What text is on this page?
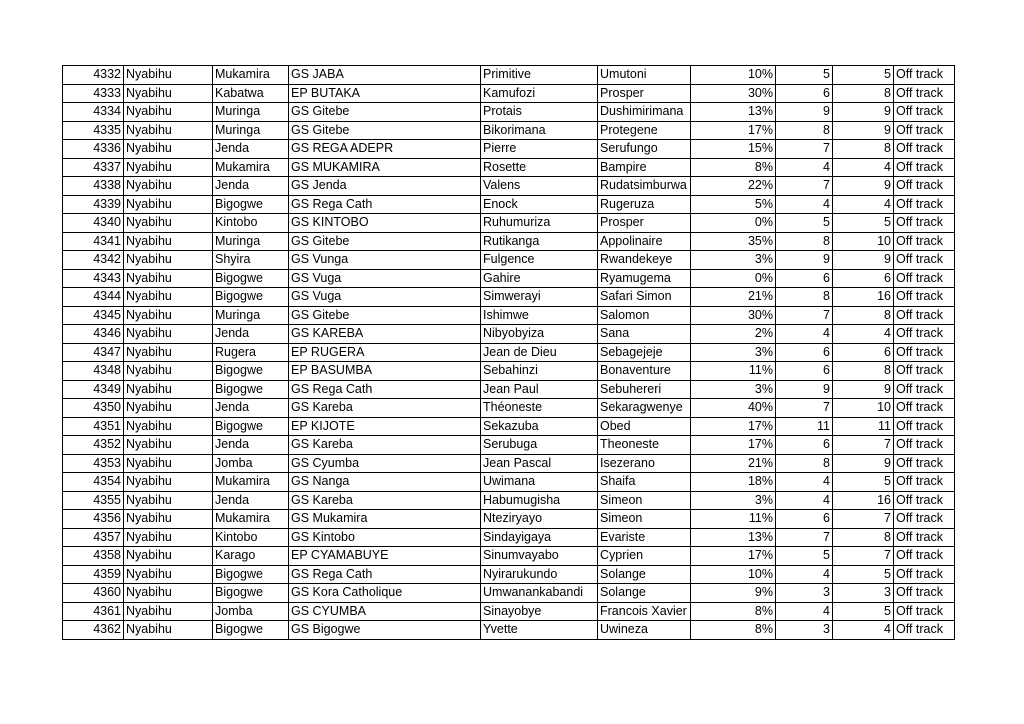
4332	Nyabihu	Mukamira	GS JABA	Primitive	Umutoni	10%	5	5	Off track
4333	Nyabihu	Kabatwa	EP BUTAKA	Kamufozi	Prosper	30%	6	8	Off track
4334	Nyabihu	Muringa	GS Gitebe	Protais	Dushimirimana	13%	9	9	Off track
4335	Nyabihu	Muringa	GS Gitebe	Bikorimana	Protegene	17%	8	9	Off track
4336	Nyabihu	Jenda	GS REGA ADEPR	Pierre	Serufungo	15%	7	8	Off track
4337	Nyabihu	Mukamira	GS MUKAMIRA	Rosette	Bampire	8%	4	4	Off track
4338	Nyabihu	Jenda	GS Jenda	Valens	Rudatsimburwa	22%	7	9	Off track
4339	Nyabihu	Bigogwe	GS Rega Cath	Enock	Rugeruza	5%	4	4	Off track
4340	Nyabihu	Kintobo	GS KINTOBO	Ruhumuriza	Prosper	0%	5	5	Off track
4341	Nyabihu	Muringa	GS Gitebe	Rutikanga	Appolinaire	35%	8	10	Off track
4342	Nyabihu	Shyira	GS Vunga	Fulgence	Rwandekeye	3%	9	9	Off track
4343	Nyabihu	Bigogwe	GS Vuga	Gahire	Ryamugema	0%	6	6	Off track
4344	Nyabihu	Bigogwe	GS Vuga	Simwerayi	Safari Simon	21%	8	16	Off track
4345	Nyabihu	Muringa	GS Gitebe	Ishimwe	Salomon	30%	7	8	Off track
4346	Nyabihu	Jenda	GS KAREBA	Nibyobyiza	Sana	2%	4	4	Off track
4347	Nyabihu	Rugera	EP RUGERA	Jean de Dieu	Sebagejeje	3%	6	6	Off track
4348	Nyabihu	Bigogwe	EP BASUMBA	Sebahinzi	Bonaventure	11%	6	8	Off track
4349	Nyabihu	Bigogwe	GS Rega Cath	Jean Paul	Sebuhereri	3%	9	9	Off track
4350	Nyabihu	Jenda	GS Kareba	Théoneste	Sekaragwenye	40%	7	10	Off track
4351	Nyabihu	Bigogwe	EP KIJOTE	Sekazuba	Obed	17%	11	11	Off track
4352	Nyabihu	Jenda	GS Kareba	Serubuga	Theoneste	17%	6	7	Off track
4353	Nyabihu	Jomba	GS Cyumba	Jean Pascal	Isezerano	21%	8	9	Off track
4354	Nyabihu	Mukamira	GS Nanga	Uwimana	Shaifa	18%	4	5	Off track
4355	Nyabihu	Jenda	GS Kareba	Habumugisha	Simeon	3%	4	16	Off track
4356	Nyabihu	Mukamira	GS Mukamira	Nteziryayo	Simeon	11%	6	7	Off track
4357	Nyabihu	Kintobo	GS Kintobo	Sindayigaya	Evariste	13%	7	8	Off track
4358	Nyabihu	Karago	EP CYAMABUYE	Sinumvayabo	Cyprien	17%	5	7	Off track
4359	Nyabihu	Bigogwe	GS Rega Cath	Nyirarukundo	Solange	10%	4	5	Off track
4360	Nyabihu	Bigogwe	GS Kora Catholique	Umwanankabandi	Solange	9%	3	3	Off track
4361	Nyabihu	Jomba	GS CYUMBA	Sinayobye	Francois Xavier	8%	4	5	Off track
4362	Nyabihu	Bigogwe	GS Bigogwe	Yvette	Uwineza	8%	3	4	Off track
